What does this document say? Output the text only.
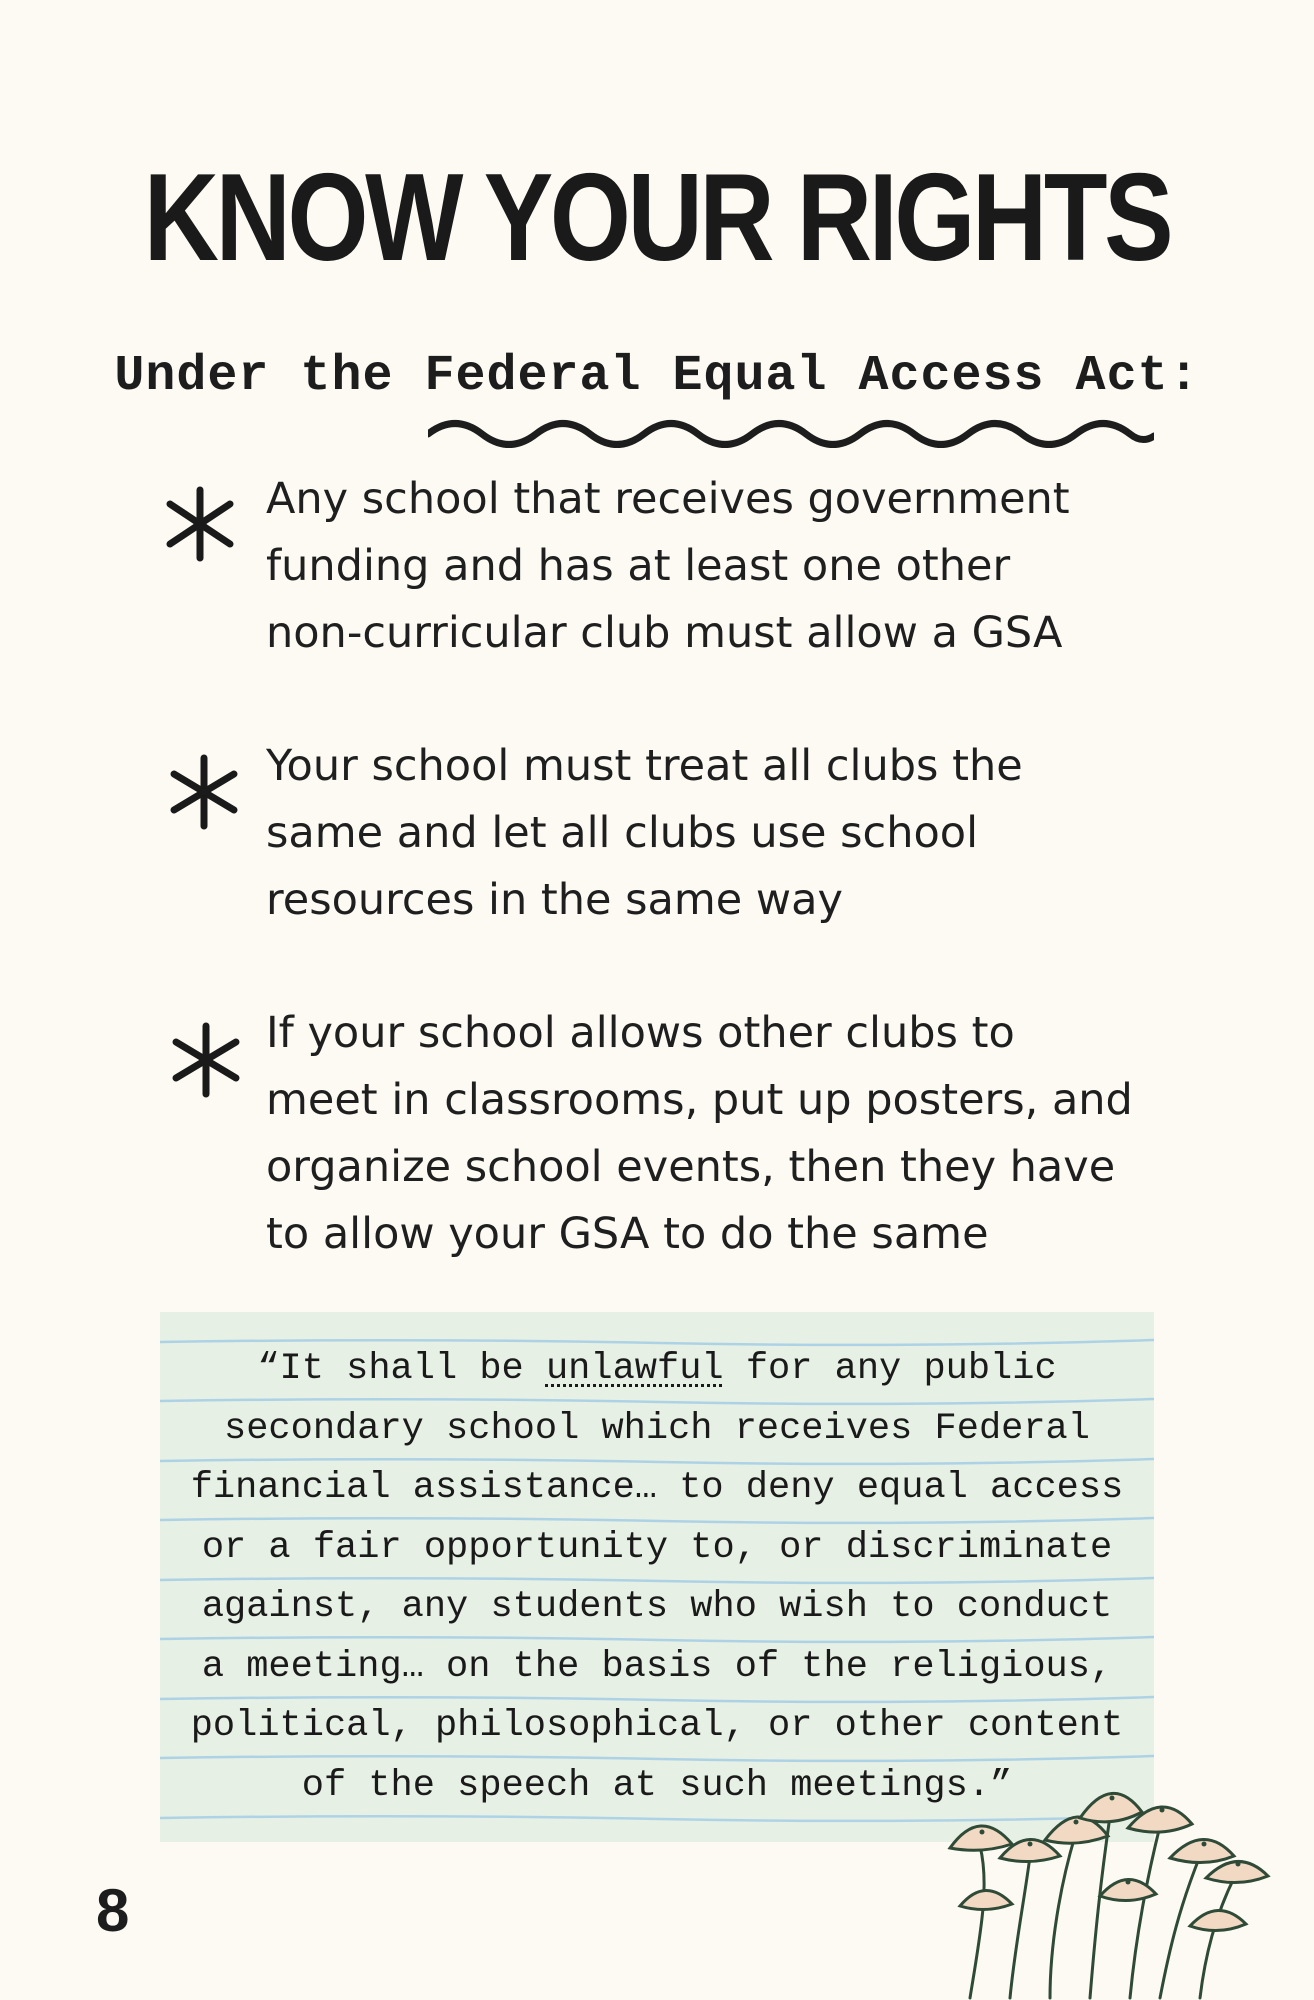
KNOW YOUR RIGHTS

Under the Federal Equal Access Act:

Any school that receives government
funding and has at least one other
non-curricular club must allow a GSA

Your school must treat all clubs the
same and let all clubs use school
resources in the same way

If your school allows other clubs to
meet in classrooms, put up posters, and
organize school events, then they have
to allow your GSA to do the same

“It shall be unlawful for any public
secondary school which receives Federal
financial assistance… to deny equal access
or a fair opportunity to, or discriminate
against, any students who wish to conduct
a meeting… on the basis of the religious,
political, philosophical, or other content
of the speech at such meetings.”

8
